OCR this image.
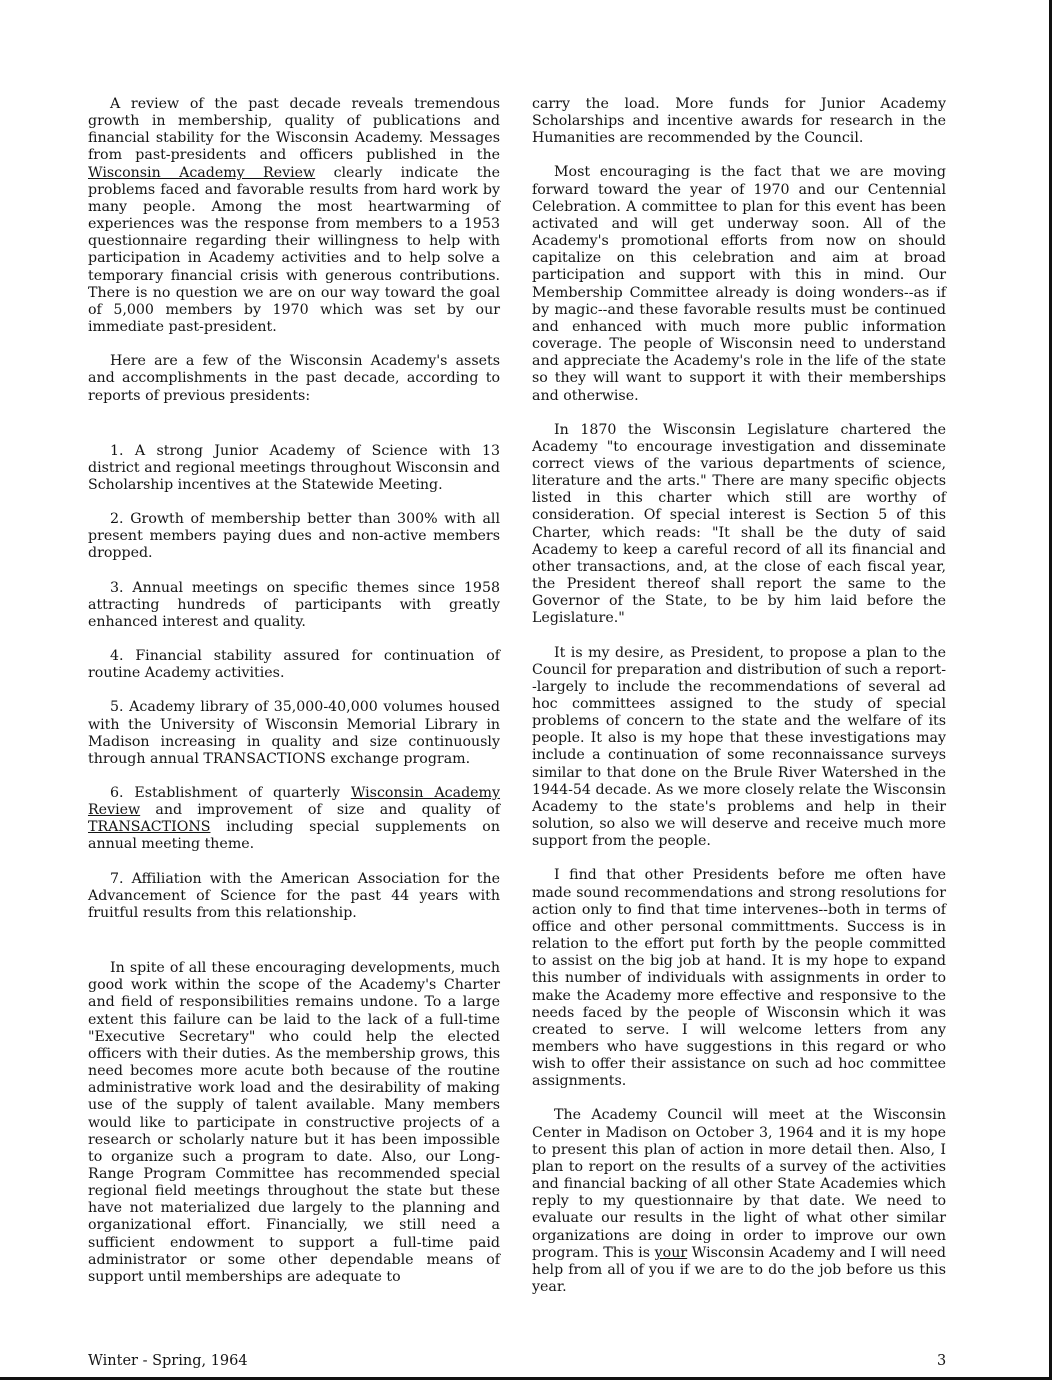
A review of the past decade reveals tremendous growth in membership, quality of publications and financial stability for the Wisconsin Academy. Messages from past-presidents and officers published in the Wisconsin Academy Review clearly indicate the problems faced and favorable results from hard work by many people. Among the most heartwarming of experiences was the response from members to a 1953 questionnaire regarding their willingness to help with participation in Academy activities and to help solve a temporary financial crisis with generous contributions. There is no question we are on our way toward the goal of 5,000 members by 1970 which was set by our immediate past-president.

Here are a few of the Wisconsin Academy's assets and accomplishments in the past decade, according to reports of previous presidents:

1. A strong Junior Academy of Science with 13 district and regional meetings throughout Wisconsin and Scholarship incentives at the Statewide Meeting.
2. Growth of membership better than 300% with all present members paying dues and non-active members dropped.
3. Annual meetings on specific themes since 1958 attracting hundreds of participants with greatly enhanced interest and quality.
4. Financial stability assured for continuation of routine Academy activities.
5. Academy library of 35,000-40,000 volumes housed with the University of Wisconsin Memorial Library in Madison increasing in quality and size continuously through annual TRANSACTIONS exchange program.
6. Establishment of quarterly Wisconsin Academy Review and improvement of size and quality of TRANSACTIONS including special supplements on annual meeting theme.
7. Affiliation with the American Association for the Advancement of Science for the past 44 years with fruitful results from this relationship.

In spite of all these encouraging developments, much good work within the scope of the Academy's Charter and field of responsibilities remains undone. To a large extent this failure can be laid to the lack of a full-time "Executive Secretary" who could help the elected officers with their duties. As the membership grows, this need becomes more acute both because of the routine administrative work load and the desirability of making use of the supply of talent available. Many members would like to participate in constructive projects of a research or scholarly nature but it has been impossible to organize such a program to date. Also, our Long-Range Program Committee has recommended special regional field meetings throughout the state but these have not materialized due largely to the planning and organizational effort. Financially, we still need a sufficient endowment to support a full-time paid administrator or some other dependable means of support until memberships are adequate to

carry the load. More funds for Junior Academy Scholarships and incentive awards for research in the Humanities are recommended by the Council.

Most encouraging is the fact that we are moving forward toward the year of 1970 and our Centennial Celebration. A committee to plan for this event has been activated and will get underway soon. All of the Academy's promotional efforts from now on should capitalize on this celebration and aim at broad participation and support with this in mind. Our Membership Committee already is doing wonders--as if by magic--and these favorable results must be continued and enhanced with much more public information coverage. The people of Wisconsin need to understand and appreciate the Academy's role in the life of the state so they will want to support it with their memberships and otherwise.

In 1870 the Wisconsin Legislature chartered the Academy "to encourage investigation and disseminate correct views of the various departments of science, literature and the arts." There are many specific objects listed in this charter which still are worthy of consideration. Of special interest is Section 5 of this Charter, which reads: "It shall be the duty of said Academy to keep a careful record of all its financial and other transactions, and, at the close of each fiscal year, the President thereof shall report the same to the Governor of the State, to be by him laid before the Legislature."

It is my desire, as President, to propose a plan to the Council for preparation and distribution of such a report--largely to include the recommendations of several ad hoc committees assigned to the study of special problems of concern to the state and the welfare of its people. It also is my hope that these investigations may include a continuation of some reconnaissance surveys similar to that done on the Brule River Watershed in the 1944-54 decade. As we more closely relate the Wisconsin Academy to the state's problems and help in their solution, so also we will deserve and receive much more support from the people.

I find that other Presidents before me often have made sound recommendations and strong resolutions for action only to find that time intervenes--both in terms of office and other personal committments. Success is in relation to the effort put forth by the people committed to assist on the big job at hand. It is my hope to expand this number of individuals with assignments in order to make the Academy more effective and responsive to the needs faced by the people of Wisconsin which it was created to serve. I will welcome letters from any members who have suggestions in this regard or who wish to offer their assistance on such ad hoc committee assignments.

The Academy Council will meet at the Wisconsin Center in Madison on October 3, 1964 and it is my hope to present this plan of action in more detail then. Also, I plan to report on the results of a survey of the activities and financial backing of all other State Academies which reply to my questionnaire by that date. We need to evaluate our results in the light of what other similar organizations are doing in order to improve our own program. This is your Wisconsin Academy and I will need help from all of you if we are to do the job before us this year.

Winter - Spring, 1964	3
